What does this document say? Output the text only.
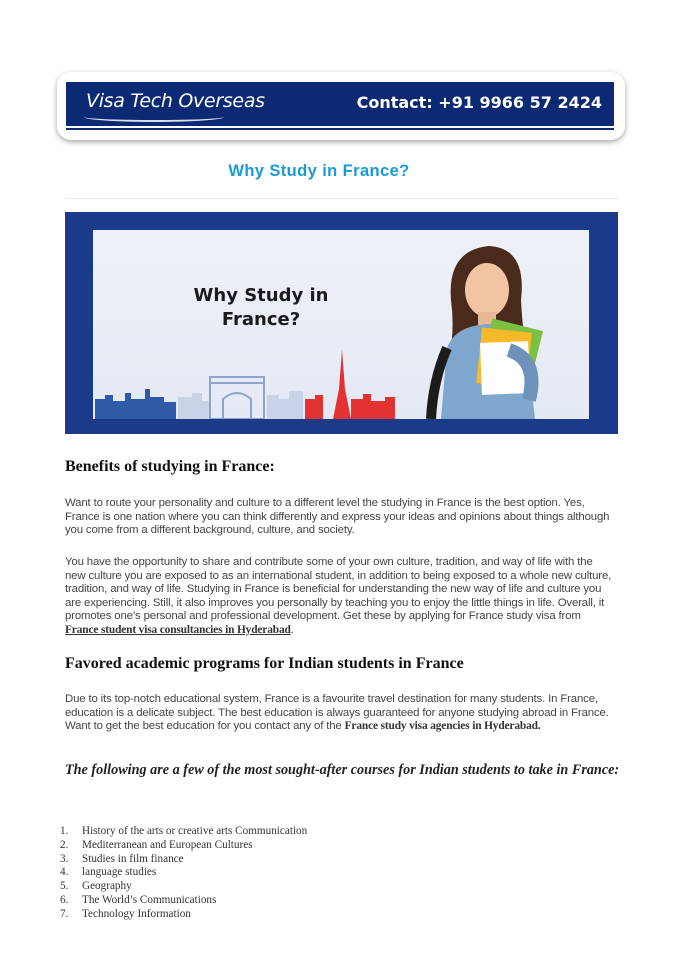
Visa Tech Overseas	Contact: +91 9966 57 2424
Why Study in France?
Why Study in
France?
Benefits of studying in France:

Want to route your personality and culture to a different level the studying in France is the best option. Yes, France is one nation where you can think differently and express your ideas and opinions about things although you come from a different background, culture, and society.

You have the opportunity to share and contribute some of your own culture, tradition, and way of life with the new culture you are exposed to as an international student, in addition to being exposed to a whole new culture, tradition, and way of life. Studying in France is beneficial for understanding the new way of life and culture you are experiencing. Still, it also improves you personally by teaching you to enjoy the little things in life. Overall, it promotes one’s personal and professional development. Get these by applying for France study visa from France student visa consultancies in Hyderabad.

Favored academic programs for Indian students in France

Due to its top-notch educational system, France is a favourite travel destination for many students. In France, education is a delicate subject. The best education is always guaranteed for anyone studying abroad in France. Want to get the best education for you contact any of the France study visa agencies in Hyderabad.

The following are a few of the most sought-after courses for Indian students to take in France:
1.	History of the arts or creative arts Communication
2.	Mediterranean and European Cultures
3.	Studies in film finance
4.	language studies
5.	Geography
6.	The World’s Communications
7.	Technology Information
